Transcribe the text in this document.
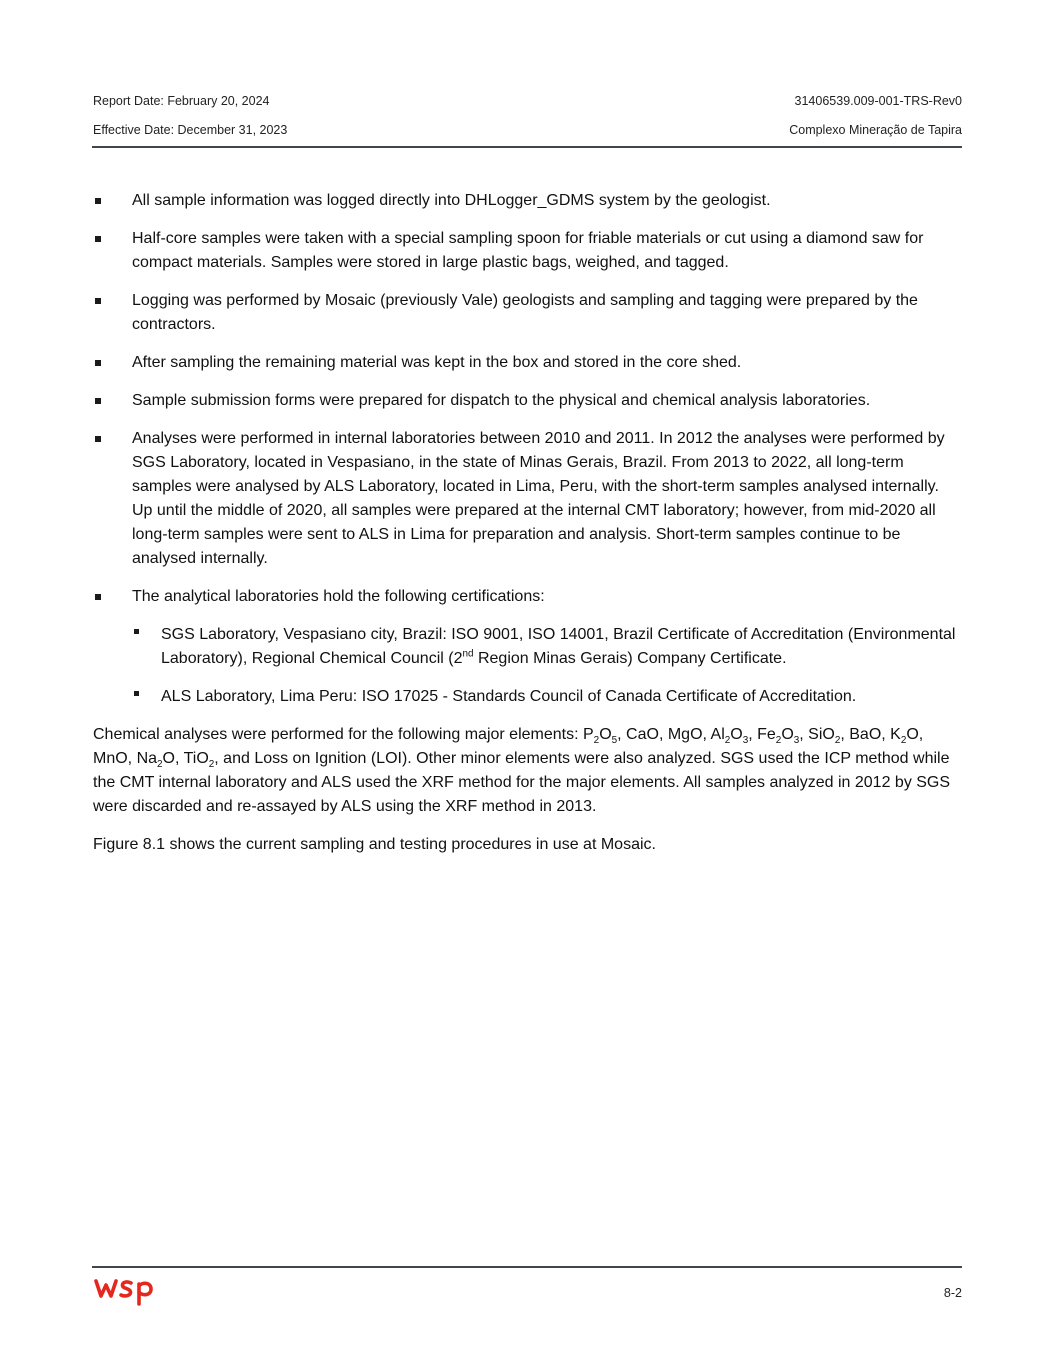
Report Date: February 20, 2024	31406539.009-001-TRS-Rev0
Effective Date: December 31, 2023	Complexo Mineração de Tapira
All sample information was logged directly into DHLogger_GDMS system by the geologist.
Half-core samples were taken with a special sampling spoon for friable materials or cut using a diamond saw for compact materials. Samples were stored in large plastic bags, weighed, and tagged.
Logging was performed by Mosaic (previously Vale) geologists and sampling and tagging were prepared by the contractors.
After sampling the remaining material was kept in the box and stored in the core shed.
Sample submission forms were prepared for dispatch to the physical and chemical analysis laboratories.
Analyses were performed in internal laboratories between 2010 and 2011. In 2012 the analyses were performed by SGS Laboratory, located in Vespasiano, in the state of Minas Gerais, Brazil. From 2013 to 2022, all long-term samples were analysed by ALS Laboratory, located in Lima, Peru, with the short-term samples analysed internally. Up until the middle of 2020, all samples were prepared at the internal CMT laboratory; however, from mid-2020 all long-term samples were sent to ALS in Lima for preparation and analysis. Short-term samples continue to be analysed internally.
The analytical laboratories hold the following certifications:
SGS Laboratory, Vespasiano city, Brazil: ISO 9001, ISO 14001, Brazil Certificate of Accreditation (Environmental Laboratory), Regional Chemical Council (2nd Region Minas Gerais) Company Certificate.
ALS Laboratory, Lima Peru: ISO 17025 - Standards Council of Canada Certificate of Accreditation.

Chemical analyses were performed for the following major elements: $P_2O_5$, CaO, MgO, $Al_2O_3$, $Fe_2O_3$, SiO$_2$, BaO, $K_2O$, MnO, $Na_2O$, TiO$_2$, and Loss on Ignition (LOI). Other minor elements were also analyzed. SGS used the ICP method while the CMT internal laboratory and ALS used the XRF method for the major elements. All samples analyzed in 2012 by SGS were discarded and re-assayed by ALS using the XRF method in 2013.

Figure 8.1 shows the current sampling and testing procedures in use at Mosaic.

8-2
